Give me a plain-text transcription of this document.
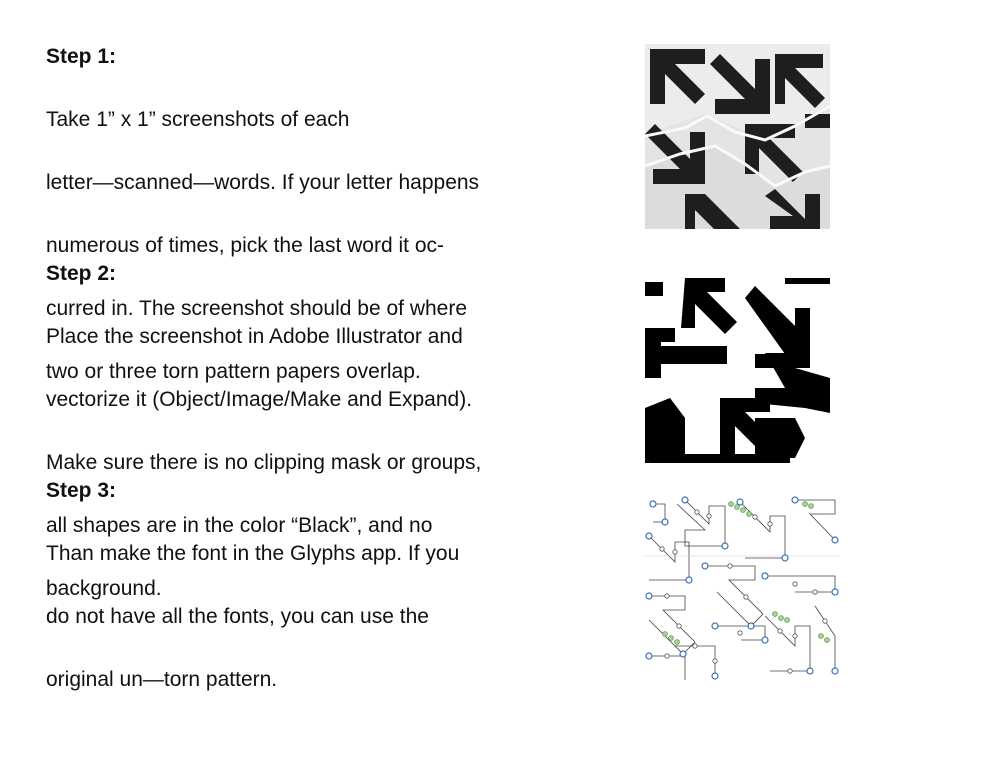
Step 1:

Take 1” x 1” screenshots of each

letter—scanned—words. If your letter happens

numerous of times, pick the last word it oc-

curred in. The screenshot should be of where

two or three torn pattern papers overlap.

Step 2:

Place the screenshot in Adobe Illustrator and

vectorize it (Object/Image/Make and Expand).

Make sure there is no clipping mask or groups,

all shapes are in the color “Black”, and no

background.

Step 3:

Than make the font in the Glyphs app. If you

do not have all the fonts, you can use the

original un—torn pattern.
